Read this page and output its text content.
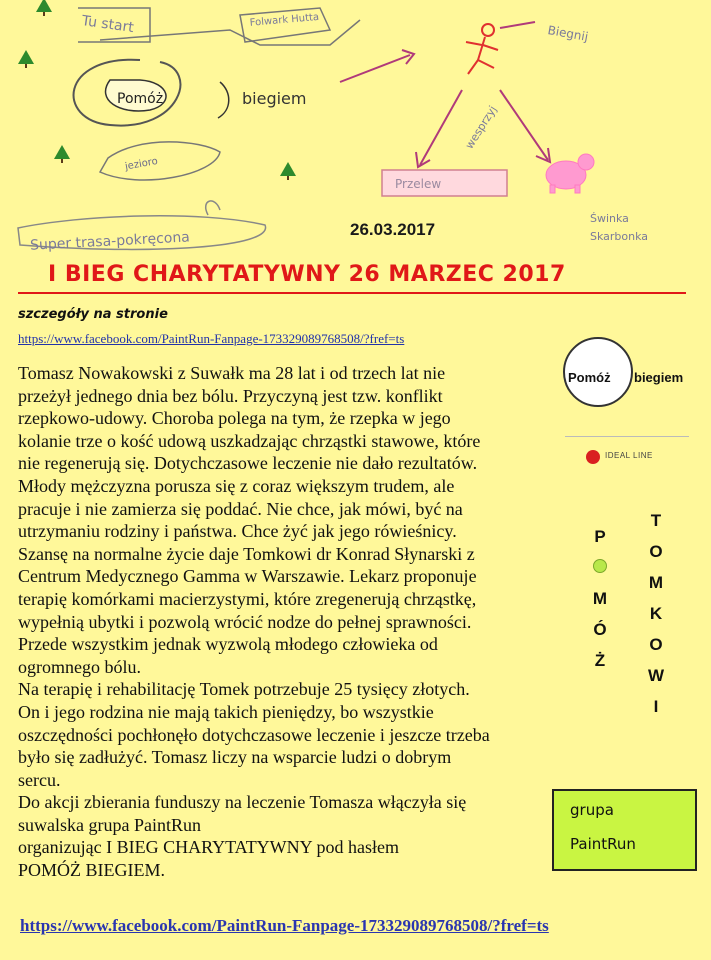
Tu start	Folwark Hutta
Pomóż	biegiem
jezioro
Super trasa-pokręcona
Biegnij
wesprzyj
Przelew
Świnka
Skarbonka
26.03.2017
I BIEG CHARYTATYWNY 26 MARZEC 2017
szczegóły na stronie
https://www.facebook.com/PaintRun-Fanpage-173329089768508/?fref=ts

Tomasz Nowakowski z Suwałk ma 28 lat i od trzech lat nie

przeżył jednego dnia bez bólu. Przyczyną jest tzw. konflikt

rzepkowo-udowy. Choroba polega na tym, że rzepka w jego

kolanie trze o kość udową uszkadzając chrząstki stawowe, które

nie regenerują się. Dotychczasowe leczenie nie dało rezultatów.

Młody mężczyzna porusza się z coraz większym trudem, ale

pracuje i nie zamierza się poddać. Nie chce, jak mówi, być na

utrzymaniu rodziny i państwa. Chce żyć jak jego rówieśnicy.

Szansę na normalne życie daje Tomkowi dr Konrad Słynarski z

Centrum Medycznego Gamma w Warszawie. Lekarz proponuje

terapię komórkami macierzystymi, które zregenerują chrząstkę,

wypełnią ubytki i pozwolą wrócić nodze do pełnej sprawności.

Przede wszystkim jednak wyzwolą młodego człowieka od

ogromnego bólu.

Na terapię i rehabilitację Tomek potrzebuje 25 tysięcy złotych.

On i jego rodzina nie mają takich pieniędzy, bo wszystkie

oszczędności pochłonęło dotychczasowe leczenie i jeszcze trzeba

było się zadłużyć. Tomasz liczy na wsparcie ludzi o dobrym

sercu.

Do akcji zbierania funduszy na leczenie Tomasza włączyła się

suwalska grupa PaintRun

organizując I BIEG CHARYTATYWNY pod hasłem

POMÓŻ BIEGIEM.

Pomóż biegiem
IDEAL LINE
P
M
Ó
Ż
T
O
M
K
O
W
I
grupa
PaintRun
https://www.facebook.com/PaintRun-Fanpage-173329089768508/?fref=ts
